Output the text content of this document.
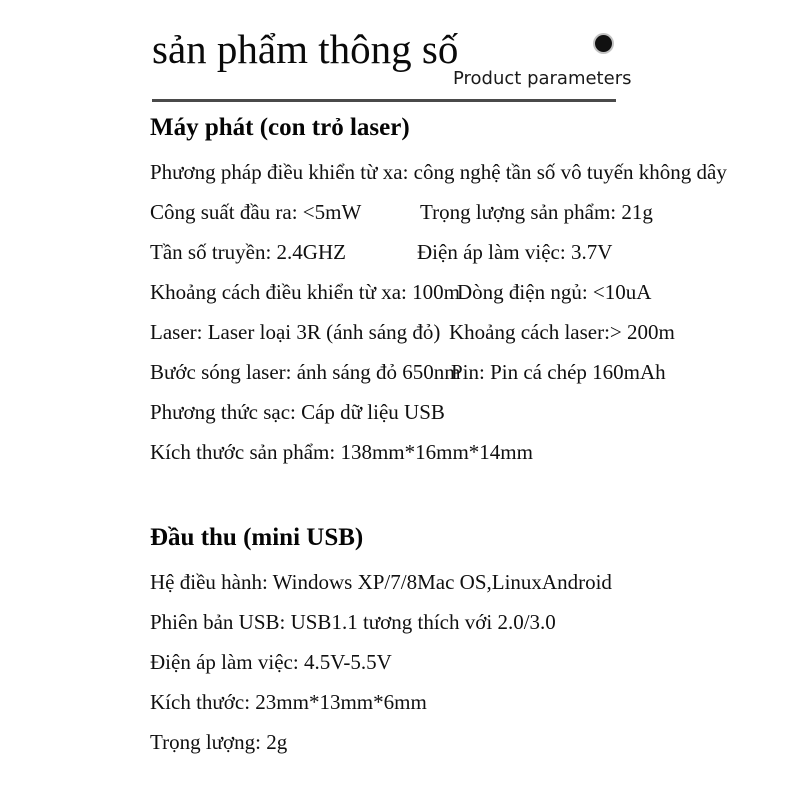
sản phẩm thông số
Product parameters
Máy phát (con trỏ laser)
Phương pháp điều khiển từ xa: công nghệ tần số vô tuyến không dây
Công suất đầu ra: <5mW	Trọng lượng sản phẩm: 21g
Tần số truyền: 2.4GHZ	Điện áp làm việc: 3.7V
Khoảng cách điều khiển từ xa: 100m
Dòng điện ngủ: <10uA
Laser: Laser loại 3R (ánh sáng đỏ) Khoảng cách laser:> 200m
Bước sóng laser: ánh sáng đỏ 650nm
Pin: Pin cá chép 160mAh
Phương thức sạc: Cáp dữ liệu USB
Kích thước sản phẩm: 138mm*16mm*14mm
Đầu thu (mini USB)
Hệ điều hành: Windows XP/7/8Mac OS,LinuxAndroid
Phiên bản USB: USB1.1 tương thích với 2.0/3.0
Điện áp làm việc: 4.5V-5.5V
Kích thước: 23mm*13mm*6mm
Trọng lượng: 2g
